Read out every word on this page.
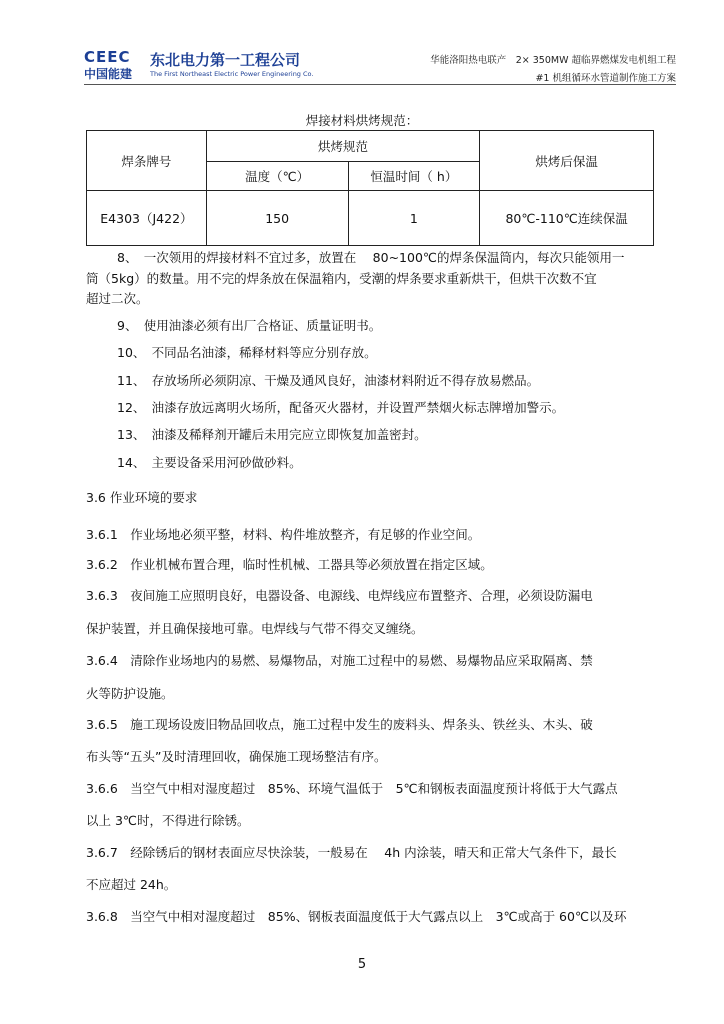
CEEC
中国能建
东北电力第一工程公司
The First Northeast Electric Power Engineering Co.
华能洛阳热电联产　2× 350MW 超临界燃煤发电机组工程
#1 机组循环水管道制作施工方案
焊接材料烘烤规范：
焊条牌号	烘烤规范		烘烤后保温
	温度（℃）	恒温时间（ h）	
E4303（J422）	150	1	80℃-110℃连续保温
8、　一次领用的焊接材料不宜过多，放置在　 80~100℃的焊条保温筒内，每次只能领用一
筒（5kg）的数量。用不完的焊条放在保温箱内，受潮的焊条要求重新烘干，但烘干次数不宜
超过二次。
9、　使用油漆必须有出厂合格证、质量证明书。
10、　不同品名油漆，稀释材料等应分别存放。
11、　存放场所必须阴凉、干燥及通风良好，油漆材料附近不得存放易燃品。
12、　油漆存放远离明火场所，配备灭火器材，并设置严禁烟火标志牌增加警示。
13、　油漆及稀释剂开罐后未用完应立即恢复加盖密封。
14、　主要设备采用河砂做砂料。
3.6 作业环境的要求
3.6.1　作业场地必须平整，材料、构件堆放整齐，有足够的作业空间。
3.6.2　作业机械布置合理，临时性机械、工器具等必须放置在指定区域。
3.6.3　夜间施工应照明良好，电器设备、电源线、电焊线应布置整齐、合理，必须设防漏电
保护装置，并且确保接地可靠。电焊线与气带不得交叉缠绕。
3.6.4　清除作业场地内的易燃、易爆物品，对施工过程中的易燃、易爆物品应采取隔离、禁
火等防护设施。
3.6.5　施工现场设废旧物品回收点，施工过程中发生的废料头、焊条头、铁丝头、木头、破
布头等“五头”及时清理回收，确保施工现场整洁有序。
3.6.6　当空气中相对湿度超过　85%、环境气温低于　5℃和钢板表面温度预计将低于大气露点
以上 3℃时，不得进行除锈。
3.6.7　经除锈后的钢材表面应尽快涂装，一般易在　 4h 内涂装，晴天和正常大气条件下，最长
不应超过 24h。
3.6.8　当空气中相对湿度超过　85%、钢板表面温度低于大气露点以上　3℃或高于 60℃以及环
5
